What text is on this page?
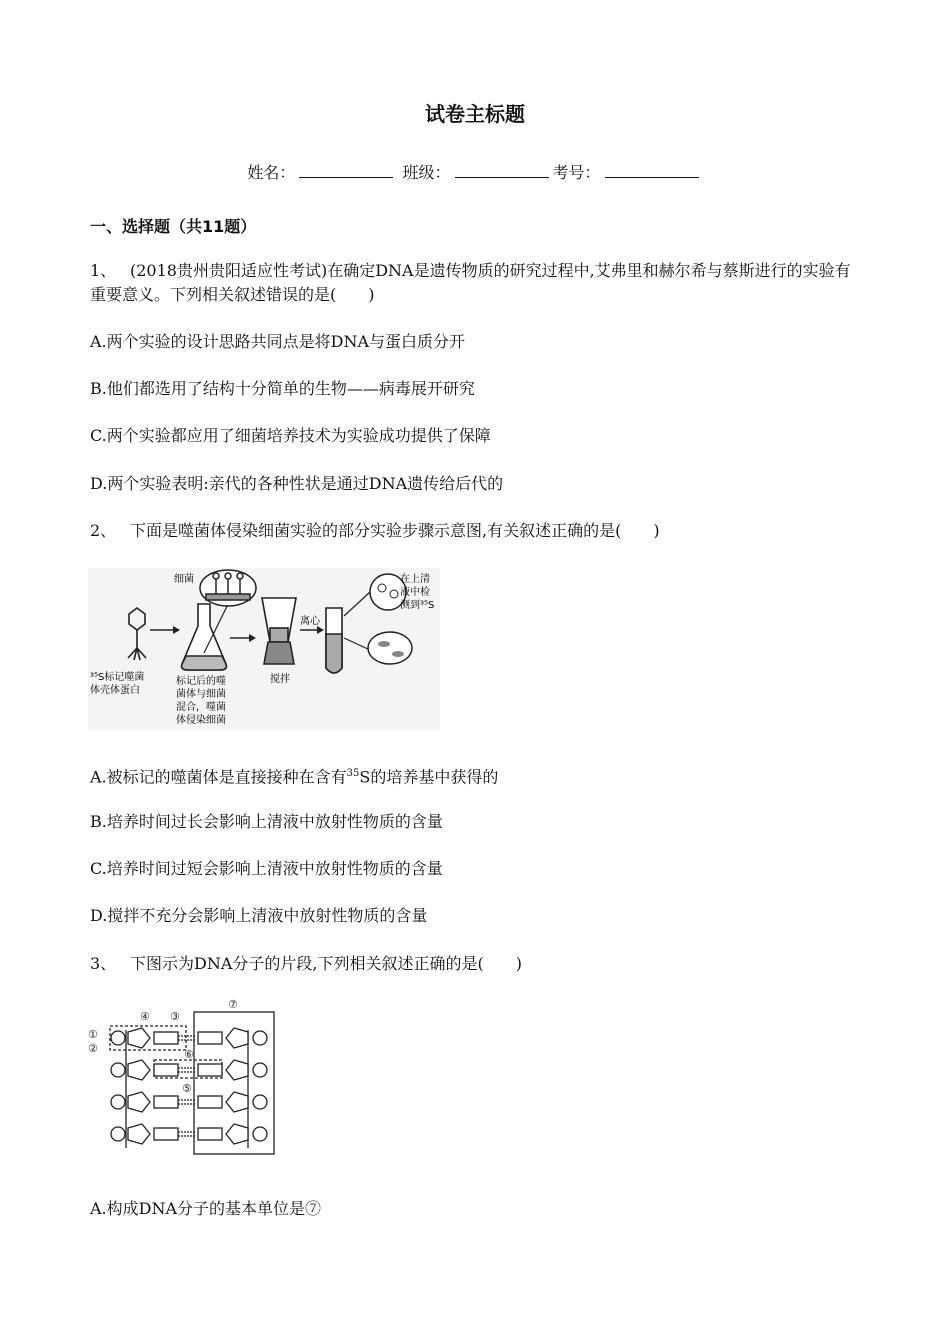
试卷主标题
姓名：	班级：	考号：
一、选择题（共11题）
1、 (2018贵州贵阳适应性考试)在确定DNA是遗传物质的研究过程中,艾弗里和赫尔希与蔡斯进行的实验有重要意义。下列相关叙述错误的是(　　)
A.两个实验的设计思路共同点是将DNA与蛋白质分开
B.他们都选用了结构十分简单的生物——病毒展开研究
C.两个实验都应用了细菌培养技术为实验成功提供了保障
D.两个实验表明:亲代的各种性状是通过DNA遗传给后代的
2、 下面是噬菌体侵染细菌实验的部分实验步骤示意图,有关叙述正确的是(　　)
搅拌
离心
细菌
³⁵S标记噬菌 体壳体蛋白
标记后的噬 菌体与细菌 混合，噬菌 体侵染细菌
在上清 液中检 测到³⁵S
A.被标记的噬菌体是直接接种在含有$^{35}$S的培养基中获得的
B.培养时间过长会影响上清液中放射性物质的含量
C.培养时间过短会影响上清液中放射性物质的含量
D.搅拌不充分会影响上清液中放射性物质的含量
3、 下图示为DNA分子的片段,下列相关叙述正确的是(　　)
①
②
③
④
⑤
⑥
⑦
A.构成DNA分子的基本单位是⑦
